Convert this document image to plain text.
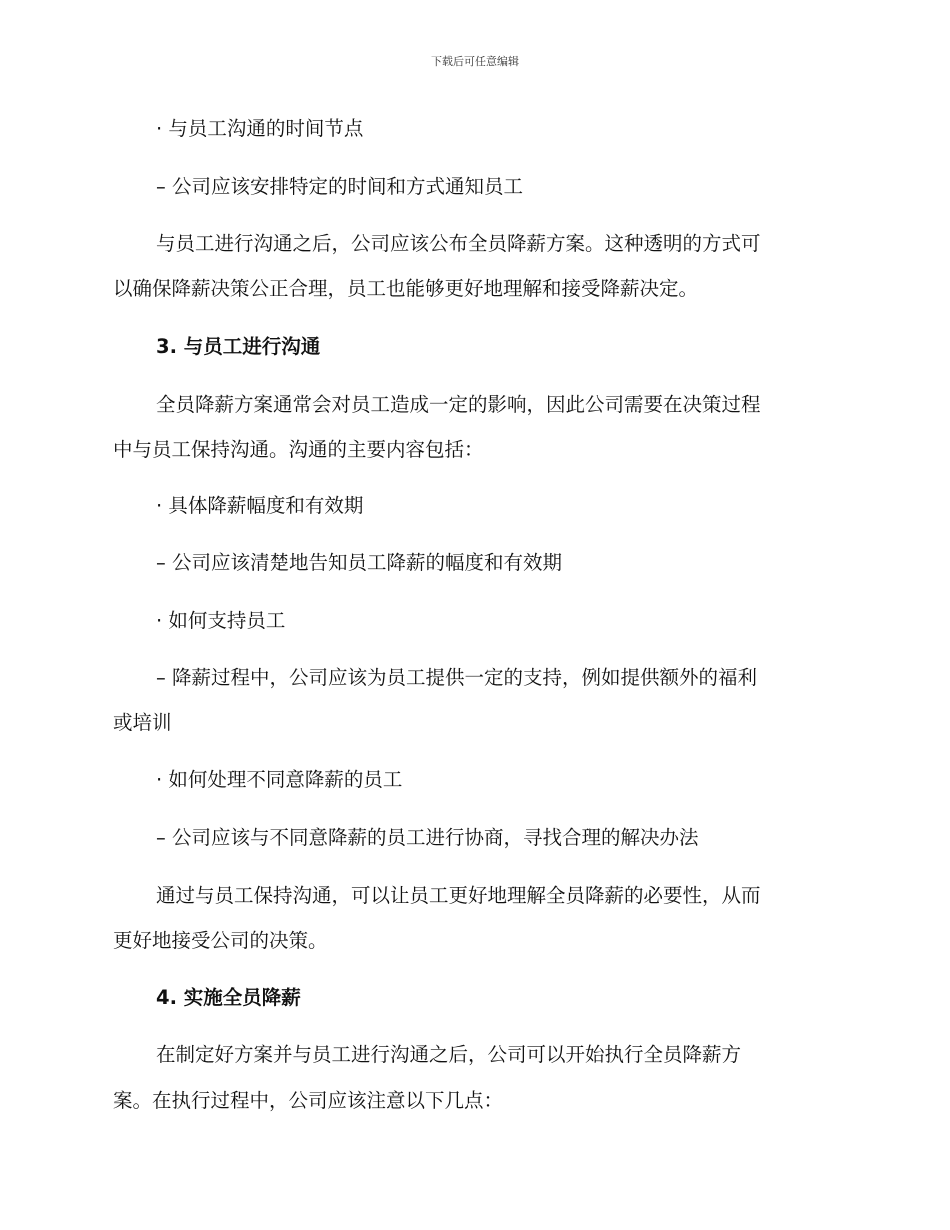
下载后可任意编辑
· 与员工沟通的时间节点
– 公司应该安排特定的时间和方式通知员工
与员工进行沟通之后，公司应该公布全员降薪方案。这种透明的方式可
以确保降薪决策公正合理，员工也能够更好地理解和接受降薪决定。
3. 与员工进行沟通
全员降薪方案通常会对员工造成一定的影响，因此公司需要在决策过程
中与员工保持沟通。沟通的主要内容包括：
· 具体降薪幅度和有效期
– 公司应该清楚地告知员工降薪的幅度和有效期
· 如何支持员工
– 降薪过程中，公司应该为员工提供一定的支持，例如提供额外的福利
或培训
· 如何处理不同意降薪的员工
– 公司应该与不同意降薪的员工进行协商，寻找合理的解决办法
通过与员工保持沟通，可以让员工更好地理解全员降薪的必要性，从而
更好地接受公司的决策。
4. 实施全员降薪
在制定好方案并与员工进行沟通之后，公司可以开始执行全员降薪方
案。在执行过程中，公司应该注意以下几点：
